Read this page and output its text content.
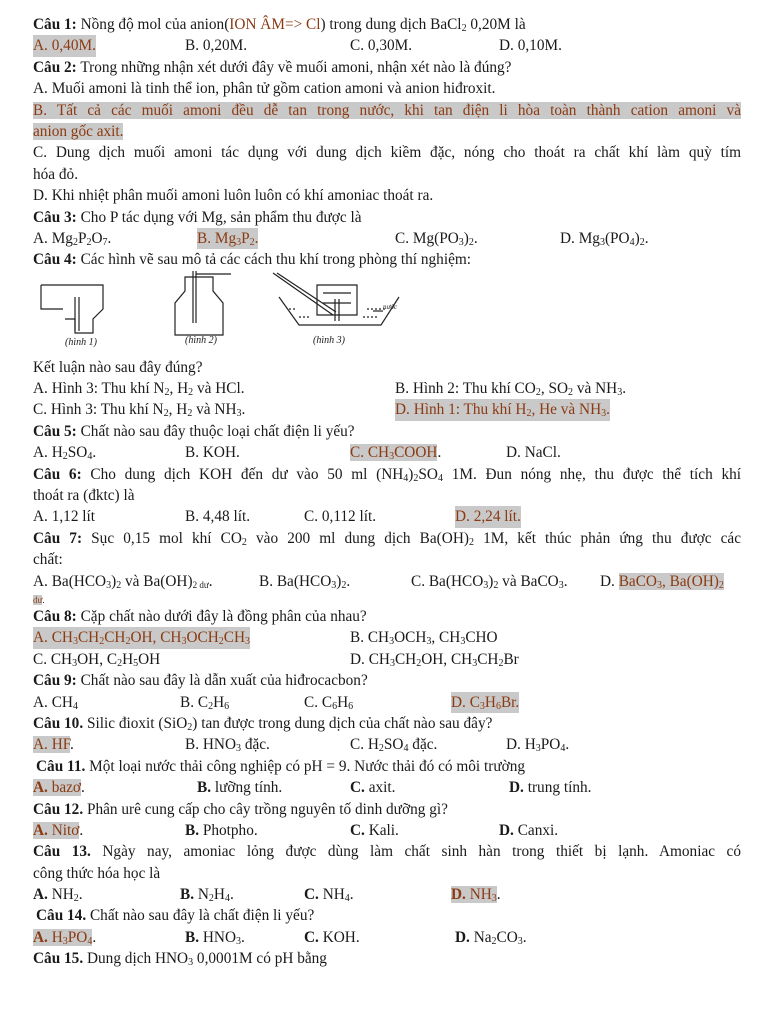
Câu 1: Nồng độ mol của anion(ION ÂM=> Cl) trong dung dịch BaCl$_2$ 0,20M là
A. 0,40M.	B. 0,20M.	C. 0,30M.	D. 0,10M.
Câu 2: Trong những nhận xét dưới đây về muối amoni, nhận xét nào là đúng?
A. Muối amoni là tinh thể ion, phân tử gồm cation amoni và anion hiđroxit.
B. Tất cả các muối amoni đều dễ tan trong nước, khi tan điện li hòa toàn thành cation amoni và
anion gốc axit.
C. Dung dịch muối amoni tác dụng với dung dịch kiềm đặc, nóng cho thoát ra chất khí làm quỳ tím
hóa đỏ.
D. Khi nhiệt phân muối amoni luôn luôn có khí amoniac thoát ra.
Câu 3: Cho P tác dụng với Mg, sản phẩm thu được là
A. $Mg_2P_2O_7$.	B. $Mg_3P_2$.	C. $Mg(PO_3)_2$.	D. $Mg_3(PO_4)_2$.
Câu 4: Các hình vẽ sau mô tả các cách thu khí trong phòng thí nghiệm:
(hình 1)	(hình 2)	(hình 3)
nước
Kết luận nào sau đây đúng?
A. Hình 3: Thu khí $N_2$, $H_2$ và HCl.	B. Hình 2: Thu khí $CO_2$, $SO_2$ và $NH_3$.
C. Hình 3: Thu khí $N_2$, $H_2$ và $NH_3$.	D. Hình 1: Thu khí $H_2$, He và $NH_3$.
Câu 5: Chất nào sau đây thuộc loại chất điện li yếu?
A. $H_2SO_4$.	B. KOH.	C. $CH_3COOH$.	D. NaCl.
Câu 6: Cho dung dịch KOH đến dư vào 50 ml $(NH_4)_2SO_4$ 1M. Đun nóng nhẹ, thu được thể tích khí
thoát ra (đktc) là
A. 1,12 lít	B. 4,48 lít.	C. 0,112 lít.	D. 2,24 lít.
Câu 7: Sục 0,15 mol khí $CO_2$ vào 200 ml dung dịch $Ba(OH)_2$ 1M, kết thúc phản ứng thu được các
chất:
A. $Ba(HCO_3)_2$ và $Ba(OH)_{2 dư}$.	B. $Ba(HCO_3)_2$.	C. $Ba(HCO_3)_2$ và BaCO$_3$. D. BaCO$_3$, $Ba(OH)_2$
dư.
Câu 8: Cặp chất nào dưới đây là đồng phân của nhau?
A. $CH_3CH_2CH_2OH$, $CH_3OCH_2CH_3$	B. $CH_3OCH_3$, $CH_3CHO$
C. $CH_3OH$, $C_2H_5OH$	D. $CH_3CH_2OH$, $CH_3CH_2Br$
Câu 9: Chất nào sau đây là dẫn xuất của hiđrocacbon?
A. $CH_4$	B. $C_2H_6$	C. $C_6H_6$	D. $C_3H_6Br$.
Câu 10. Silic đioxit (SiO$_2$) tan được trong dung dịch của chất nào sau đây?
A. HF.	B. $HNO_3$ đặc.	C. $H_2SO_4$ đặc.	D. $H_3PO_4$.
Câu 11. Một loại nước thải công nghiệp có pH = 9. Nước thải đó có môi trường
A. bazơ.	B. lưỡng tính.	C. axit.	D. trung tính.
Câu 12. Phân urê cung cấp cho cây trồng nguyên tố dinh dưỡng gì?
A. Nitơ.	B. Photpho.	C. Kali.	D. Canxi.
Câu 13. Ngày nay, amoniac lỏng được dùng làm chất sinh hàn trong thiết bị lạnh. Amoniac có
công thức hóa học là
A. $NH_2$.	B. $N_2H_4$.	C. $NH_4$.	D. $NH_3$.
Câu 14. Chất nào sau đây là chất điện li yếu?
A. $H_3PO_4$.	B. $HNO_3$.	C. KOH.	D. $Na_2CO_3$.
Câu 15. Dung dịch $HNO_3$ 0,0001M có pH bằng
